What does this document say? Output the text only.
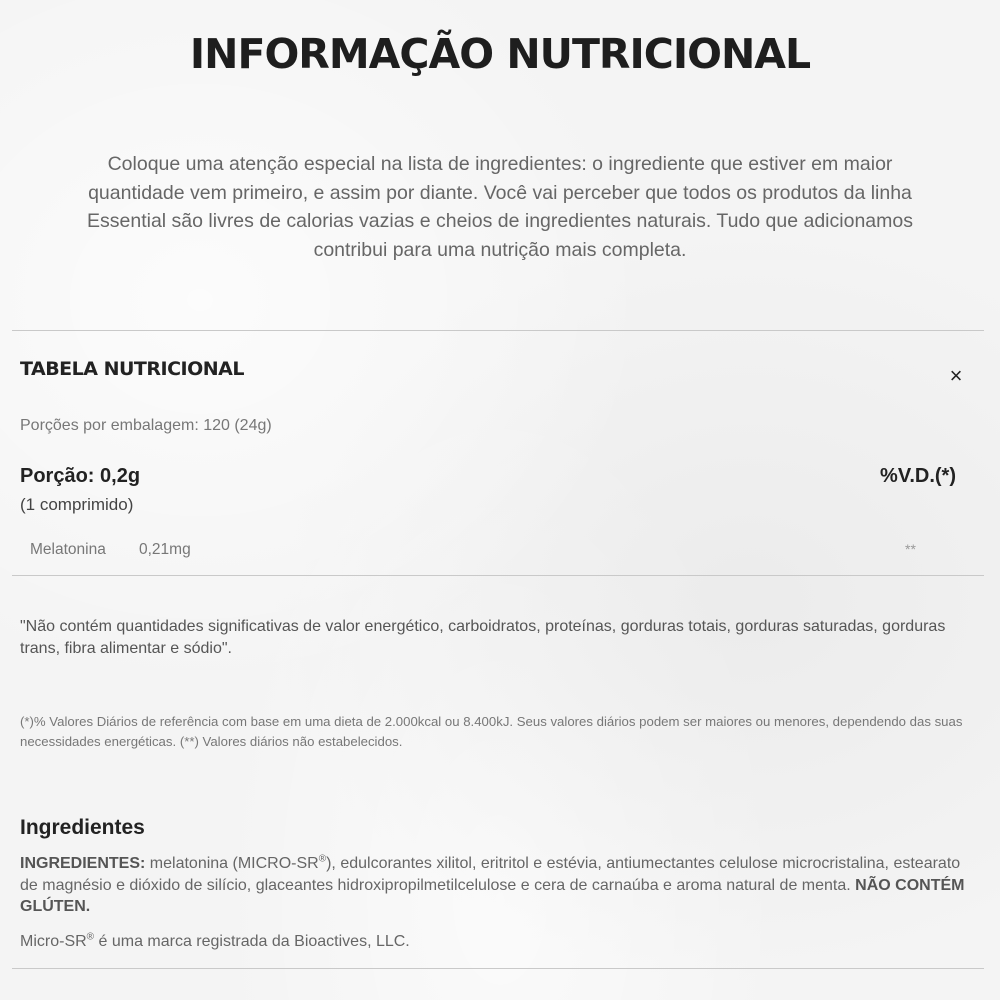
INFORMAÇÃO NUTRICIONAL

Coloque uma atenção especial na lista de ingredientes: o ingrediente que estiver em maior quantidade vem primeiro, e assim por diante. Você vai perceber que todos os produtos da linha Essential são livres de calorias vazias e cheios de ingredientes naturais. Tudo que adicionamos contribui para uma nutrição mais completa.

TABELA NUTRICIONAL	×
Porções por embalagem: 120 (24g)
Porção: 0,2g
(1 comprimido)
%V.D.(*)
Melatonina 0,21mg	**

"Não contém quantidades significativas de valor energético, carboidratos, proteínas, gorduras totais, gorduras saturadas, gorduras trans, fibra alimentar e sódio".

(*)% Valores Diários de referência com base em uma dieta de 2.000kcal ou 8.400kJ. Seus valores diários podem ser maiores ou menores, dependendo das suas necessidades energéticas. (**) Valores diários não estabelecidos.

Ingredientes

INGREDIENTES: melatonina (MICRO-SR®), edulcorantes xilitol, eritritol e estévia, antiumectantes celulose microcristalina, estearato de magnésio e dióxido de silício, glaceantes hidroxipropilmetilcelulose e cera de carnaúba e aroma natural de menta. NÃO CONTÉM GLÚTEN.

Micro-SR® é uma marca registrada da Bioactives, LLC.
